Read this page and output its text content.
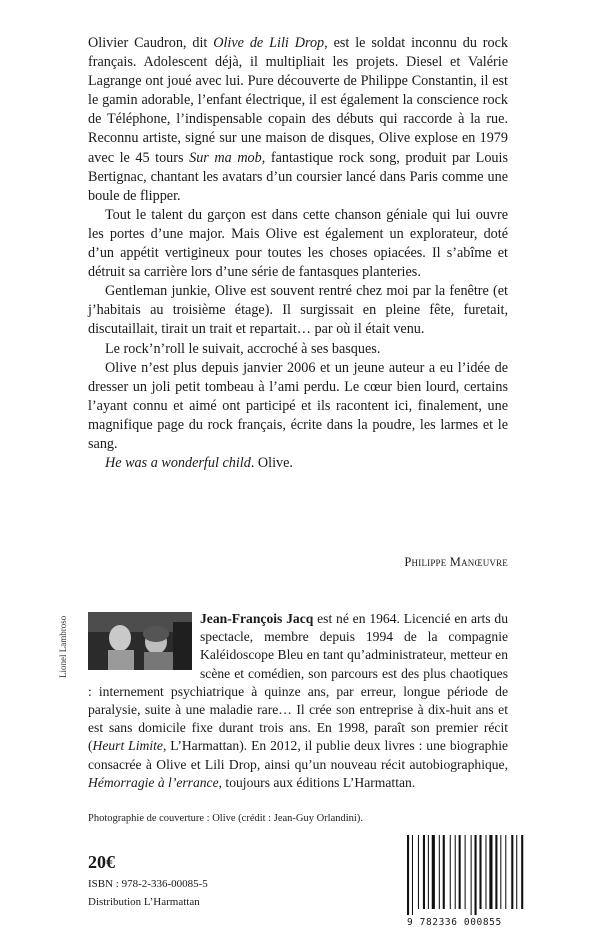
Olivier Caudron, dit Olive de Lili Drop, est le soldat inconnu du rock français. Adolescent déjà, il multipliait les projets. Diesel et Valérie Lagrange ont joué avec lui. Pure découverte de Philippe Constantin, il est le gamin adorable, l’enfant électrique, il est également la conscience rock de Téléphone, l’indispensable copain des débuts qui raccorde à la rue. Reconnu artiste, signé sur une maison de disques, Olive explose en 1979 avec le 45 tours Sur ma mob, fantastique rock song, produit par Louis Bertignac, chantant les avatars d’un coursier lancé dans Paris comme une boule de flipper.

Tout le talent du garçon est dans cette chanson géniale qui lui ouvre les portes d’une major. Mais Olive est également un explorateur, doté d’un appétit vertigineux pour toutes les choses opiacées. Il s’abîme et détruit sa carrière lors d’une série de fantasques planteries.

Gentleman junkie, Olive est souvent rentré chez moi par la fenêtre (et j’habitais au troisième étage). Il surgissait en pleine fête, furetait, discutaillait, tirait un trait et repartait… par où il était venu.

Le rock’n’roll le suivait, accroché à ses basques.

Olive n’est plus depuis janvier 2006 et un jeune auteur a eu l’idée de dresser un joli petit tombeau à l’ami perdu. Le cœur bien lourd, certains l’ayant connu et aimé ont participé et ils racontent ici, finalement, une magnifique page du rock français, écrite dans la poudre, les larmes et le sang.

He was a wonderful child. Olive.

Philippe Manœuvre
Lionel Lambroso	Jean-François Jacq est né en 1964. Licencié en arts du spectacle, membre depuis 1994 de la compagnie Kaléidoscope Bleu en tant qu’administrateur, metteur en scène et comédien, son parcours est des plus chaotiques : internement psychiatrique à quinze ans, par erreur, longue période de paralysie, suite à une maladie rare… Il crée son entreprise à dix-huit ans et est sans domicile fixe durant trois ans. En 1998, paraît son premier récit (Heurt Limite, L’Harmattan). En 2012, il publie deux livres : une biographie consacrée à Olive et Lili Drop, ainsi qu’un nouveau récit autobiographique, Hémorragie à l’errance, toujours aux éditions L’Harmattan.
Photographie de couverture : Olive (crédit : Jean-Guy Orlandini).
20€
ISBN : 978-2-336-00085-5
Distribution L’Harmattan
9 782336 000855
